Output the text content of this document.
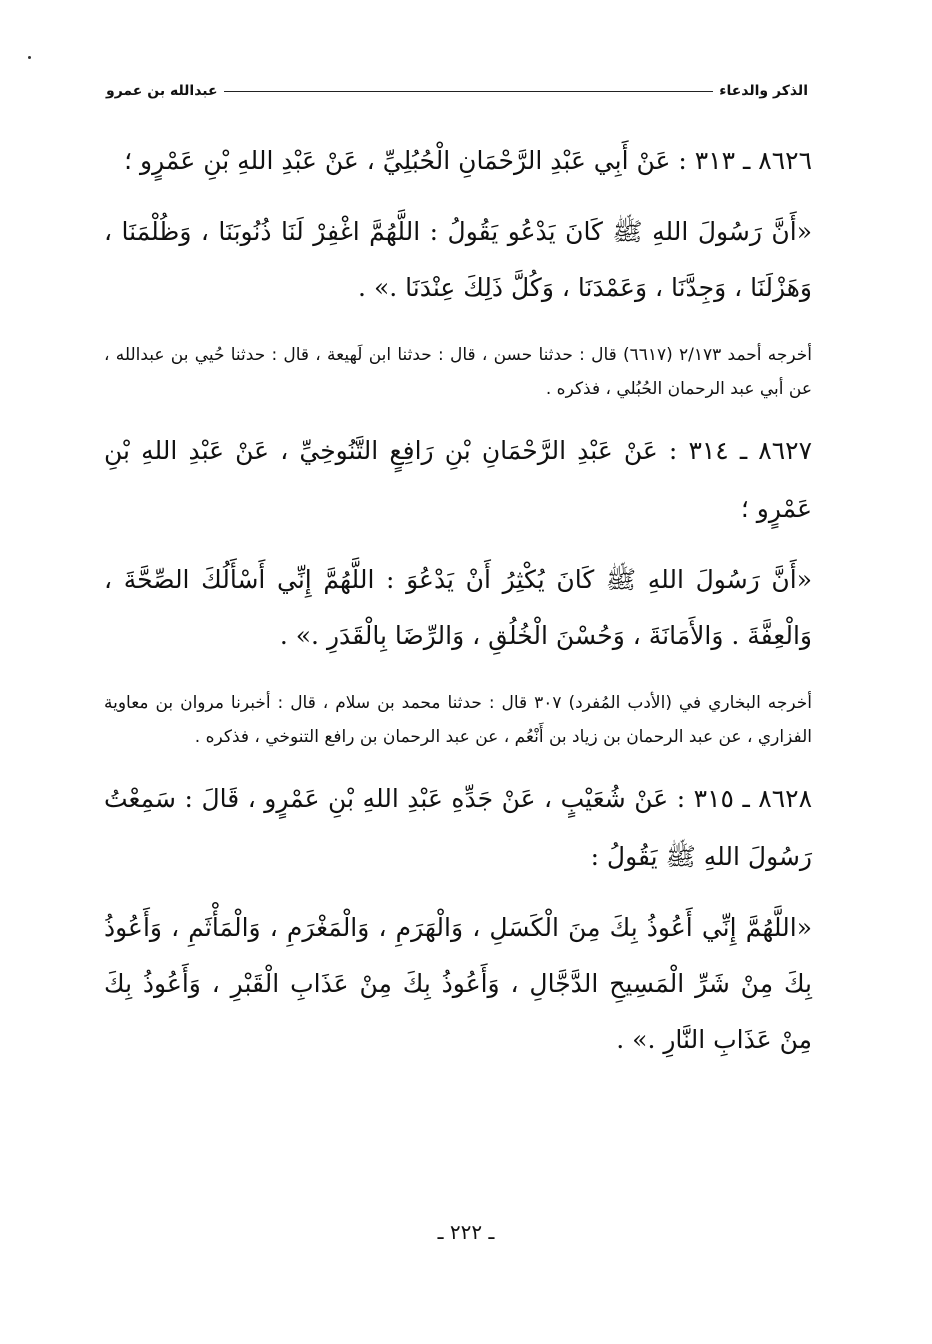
الذكر والدعاء
عبدالله بن عمرو

٨٦٢٦ ـ ٣١٣ : عَنْ أَبِي عَبْدِ الرَّحْمَانِ الْحُبُلِيِّ ، عَنْ عَبْدِ اللهِ بْنِ عَمْرٍو ؛

«أَنَّ رَسُولَ اللهِ ﷺ كَانَ يَدْعُو يَقُولُ : اللَّهُمَّ اغْفِرْ لَنَا ذُنُوبَنَا ، وَظُلْمَنَا ، وَهَزْلَنَا ، وَجِدَّنَا ، وَعَمْدَنَا ، وَكُلَّ ذَلِكَ عِنْدَنَا .» .

أخرجه أحمد ٢/١٧٣ (٦٦١٧) قال : حدثنا حسن ، قال : حدثنا ابن لَهيعة ، قال : حدثنا حُيي بن عبدالله ، عن أبي عبد الرحمان الحُبُلي ، فذكره .

٨٦٢٧ ـ ٣١٤ : عَنْ عَبْدِ الرَّحْمَانِ بْنِ رَافِعٍ التَّنُوخِيِّ ، عَنْ عَبْدِ اللهِ بْنِ عَمْرٍو ؛

«أَنَّ رَسُولَ اللهِ ﷺ كَانَ يُكْثِرُ أَنْ يَدْعُوَ : اللَّهُمَّ إِنِّي أَسْأَلُكَ الصِّحَّةَ ، وَالْعِفَّةَ . وَالأَمَانَةَ ، وَحُسْنَ الْخُلُقِ ، وَالرِّضَا بِالْقَدَرِ .» .

أخرجه البخاري في (الأدب المُفرد) ٣٠٧ قال : حدثنا محمد بن سلام ، قال : أخبرنا مروان بن معاوية الفزاري ، عن عبد الرحمان بن زياد بن أَنْعُم ، عن عبد الرحمان بن رافع التنوخي ، فذكره .

٨٦٢٨ ـ ٣١٥ : عَنْ شُعَيْبٍ ، عَنْ جَدِّهِ عَبْدِ اللهِ بْنِ عَمْرٍو ، قَالَ : سَمِعْتُ رَسُولَ اللهِ ﷺ يَقُولُ :

«اللَّهُمَّ إِنِّي أَعُوذُ بِكَ مِنَ الْكَسَلِ ، وَالْهَرَمِ ، وَالْمَغْرَمِ ، وَالْمَأْثَمِ ، وَأَعُوذُ بِكَ مِنْ شَرِّ الْمَسِيحِ الدَّجَّالِ ، وَأَعُوذُ بِكَ مِنْ عَذَابِ الْقَبْرِ ، وَأَعُوذُ بِكَ مِنْ عَذَابِ النَّارِ .» .

ـ ٢٢٢ ـ
